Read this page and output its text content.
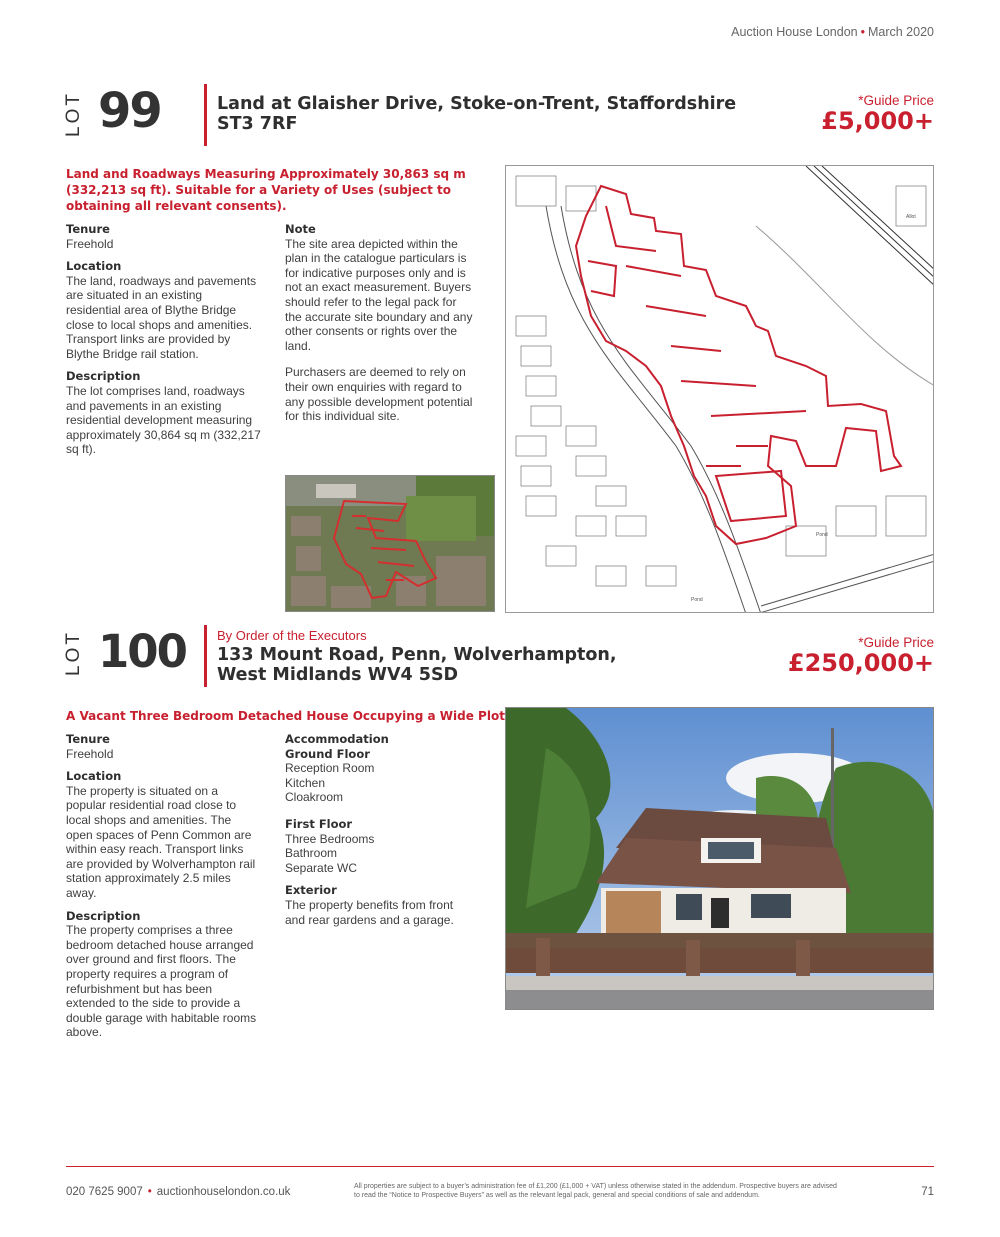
Auction House London • March 2020
LOT 99	Land at Glaisher Drive, Stoke-on-Trent, Staffordshire
ST3 7RF
*Guide Price
£5,000+
Land and Roadways Measuring Approximately 30,863 sq m
(332,213 sq ft). Suitable for a Variety of Uses (subject to
obtaining all relevant consents).
Tenure

Freehold

Location

The land, roadways and pavements

are situated in an existing

residential area of Blythe Bridge

close to local shops and amenities.

Transport links are provided by

Blythe Bridge rail station.

Description

The lot comprises land, roadways

and pavements in an existing

residential development measuring

approximately 30,864 sq m (332,217

sq ft).

Note

The site area depicted within the

plan in the catalogue particulars is

for indicative purposes only and is

not an exact measurement. Buyers

should refer to the legal pack for

the accurate site boundary and any

other consents or rights over the

land.

Purchasers are deemed to rely on

their own enquiries with regard to

any possible development potential

for this individual site.

Allot
Pond
Pond
LOT 100 By Order of the Executors
133 Mount Road, Penn, Wolverhampton,
West Midlands WV4 5SD
*Guide Price
£250,000+
A Vacant Three Bedroom Detached House Occupying a Wide Plot
Tenure

Freehold

Location

The property is situated on a

popular residential road close to

local shops and amenities. The

open spaces of Penn Common are

within easy reach. Transport links

are provided by Wolverhampton rail

station approximately 2.5 miles

away.

Description

The property comprises a three

bedroom detached house arranged

over ground and first floors. The

property requires a program of

refurbishment but has been

extended to the side to provide a

double garage with habitable rooms

above.

Accommodation
Ground Floor

Reception Room

Kitchen

Cloakroom

First Floor

Three Bedrooms

Bathroom

Separate WC

Exterior

The property benefits from front

and rear gardens and a garage.

020 7625 9007 • auctionhouselondon.co.uk	All properties are subject to a buyer’s administration fee of £1,200 (£1,000 + VAT) unless otherwise stated in the addendum. Prospective buyers are advised
to read the “Notice to Prospective Buyers” as well as the relevant legal pack, general and special conditions of sale and addendum.	71
